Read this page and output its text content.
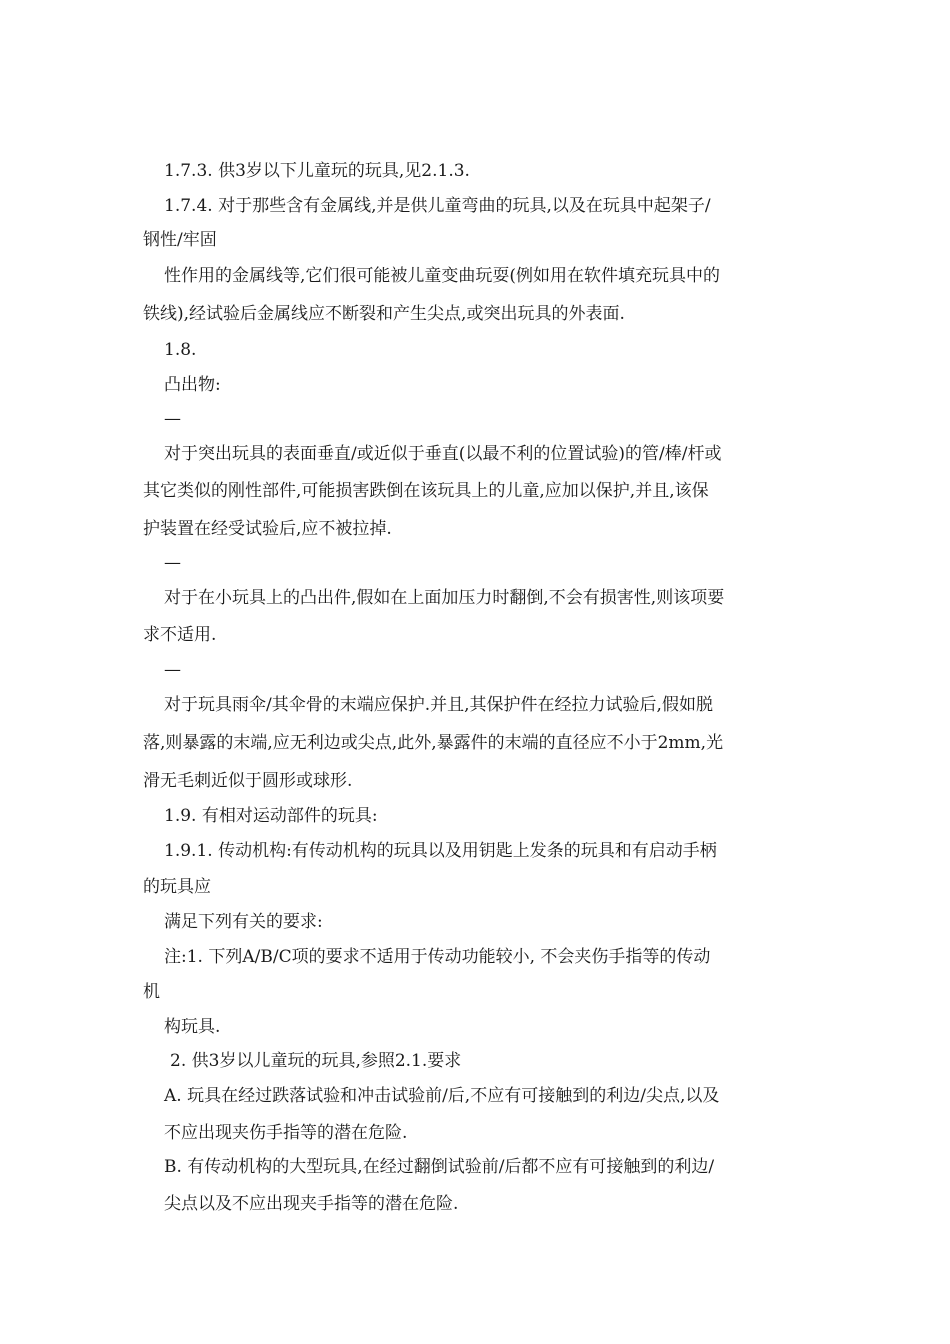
1.7.3. 供3岁以下儿童玩的玩具,见2.1.3.
1.7.4. 对于那些含有金属线,并是供儿童弯曲的玩具,以及在玩具中起架子/
钢性/牢固
性作用的金属线等,它们很可能被儿童变曲玩耍(例如用在软件填充玩具中的
铁线),经试验后金属线应不断裂和产生尖点,或突出玩具的外表面.
1.8.
凸出物:
—
对于突出玩具的表面垂直/或近似于垂直(以最不利的位置试验)的管/棒/杆或
其它类似的刚性部件,可能损害跌倒在该玩具上的儿童,应加以保护,并且,该保
护装置在经受试验后,应不被拉掉.
—
对于在小玩具上的凸出件,假如在上面加压力时翻倒,不会有损害性,则该项要
求不适用.
—
对于玩具雨伞/其伞骨的末端应保护.并且,其保护件在经拉力试验后,假如脱
落,则暴露的末端,应无利边或尖点,此外,暴露件的末端的直径应不小于2mm,光
滑无毛刺近似于圆形或球形.
1.9. 有相对运动部件的玩具:
1.9.1. 传动机构:有传动机构的玩具以及用钥匙上发条的玩具和有启动手柄
的玩具应
满足下列有关的要求:
注:1. 下列A/B/C项的要求不适用于传动功能较小, 不会夹伤手指等的传动
机
构玩具.
2. 供3岁以儿童玩的玩具,参照2.1.要求
A. 玩具在经过跌落试验和冲击试验前/后,不应有可接触到的利边/尖点,以及
不应出现夹伤手指等的潜在危险.
B. 有传动机构的大型玩具,在经过翻倒试验前/后都不应有可接触到的利边/
尖点以及不应出现夹手指等的潜在危险.
